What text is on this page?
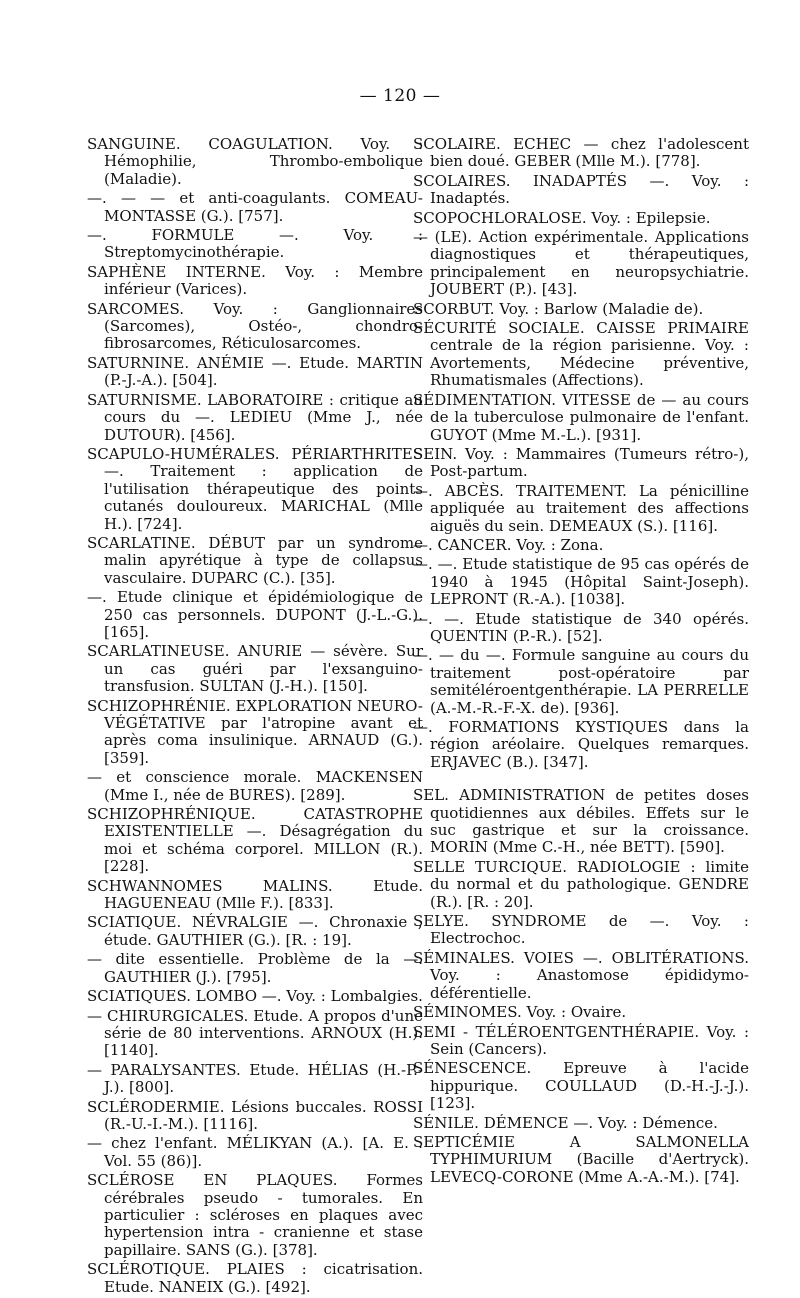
— 120 —

SANGUINE. COAGULATION. Voy. : Hémophilie, Thrombo-embolique (Maladie).

—. — — et anti-coagulants. COMEAU-MONTASSE (G.). [757].

—. FORMULE —. Voy. : Streptomycinothérapie.

SAPHÈNE INTERNE. Voy. : Membre inférieur (Varices).

SARCOMES. Voy. : Ganglionnaires (Sarcomes), Ostéo-, chondro- fibrosarcomes, Réticulosarcomes.

SATURNINE. ANÉMIE —. Etude. MARTIN (P.-J.-A.). [504].

SATURNISME. LABORATOIRE : critique au cours du —. LEDIEU (Mme J., née DUTOUR). [456].

SCAPULO-HUMÉRALES. PÉRIARTHRITES —. Traitement : application de l'utilisation thérapeutique des points cutanés douloureux. MARICHAL (Mlle H.). [724].

SCARLATINE. DÉBUT par un syndrome malin apyrétique à type de collapsus vasculaire. DUPARC (C.). [35].

—. Etude clinique et épidémiologique de 250 cas personnels. DUPONT (J.-L.-G.). [165].

SCARLATINEUSE. ANURIE — sévère. Sur un cas guéri par l'exsanguino-transfusion. SULTAN (J.-H.). [150].

SCHIZOPHRÉNIE. EXPLORATION NEURO-VÉGÉTATIVE par l'atropine avant et après coma insulinique. ARNAUD (G.). [359].

— et conscience morale. MACKENSEN (Mme I., née de BURES). [289].

SCHIZOPHRÉNIQUE. CATASTROPHE EXISTENTIELLE —. Désagrégation du moi et schéma corporel. MILLON (R.). [228].

SCHWANNOMES MALINS. Etude. HAGUENEAU (Mlle F.). [833].

SCIATIQUE. NÉVRALGIE —. Chronaxie ; étude. GAUTHIER (G.). [R. : 19].

— dite essentielle. Problème de la —. GAUTHIER (J.). [795].

SCIATIQUES. LOMBO —. Voy. : Lombalgies.

— CHIRURGICALES. Etude. A propos d'une série de 80 interventions. ARNOUX (H.). [1140].

— PARALYSANTES. Etude. HÉLIAS (H.-P.-J.). [800].

SCLÉRODERMIE. Lésions buccales. ROSSI (R.-U.-I.-M.). [1116].

— chez l'enfant. MÉLIKYAN (A.). [A. E. : Vol. 55 (86)].

SCLÉROSE EN PLAQUES. Formes cérébrales pseudo - tumorales. En particulier : scléroses en plaques avec hypertension intra - cranienne et stase papillaire. SANS (G.). [378].

SCLÉROTIQUE. PLAIES : cicatrisation. Etude. NANEIX (G.). [492].

SCOLAIRE. ECHEC — chez l'adolescent bien doué. GEBER (Mlle M.). [778].

SCOLAIRES. INADAPTÉS —. Voy. : Inadaptés.

SCOPOCHLORALOSE. Voy. : Epilepsie.

— (LE). Action expérimentale. Applications diagnostiques et thérapeutiques, principalement en neuropsychiatrie. JOUBERT (P.). [43].

SCORBUT. Voy. : Barlow (Maladie de).

SÉCURITÉ SOCIALE. CAISSE PRIMAIRE centrale de la région parisienne. Voy. : Avortements, Médecine préventive, Rhumatismales (Affections).

SÉDIMENTATION. VITESSE de — au cours de la tuberculose pulmonaire de l'enfant. GUYOT (Mme M.-L.). [931].

SEIN. Voy. : Mammaires (Tumeurs rétro-), Post-partum.

—. ABCÈS. TRAITEMENT. La pénicilline appliquée au traitement des affections aiguës du sein. DEMEAUX (S.). [116].

—. CANCER. Voy. : Zona.

—. —. Etude statistique de 95 cas opérés de 1940 à 1945 (Hôpital Saint-Joseph). LEPRONT (R.-A.). [1038].

—. —. Etude statistique de 340 opérés. QUENTIN (P.-R.). [52].

—. — du —. Formule sanguine au cours du traitement post-opératoire par semitéléroentgenthérapie. LA PERRELLE (A.-M.-R.-F.-X. de). [936].

—. FORMATIONS KYSTIQUES dans la région aréolaire. Quelques remarques. ERJAVEC (B.). [347].

SEL. ADMINISTRATION de petites doses quotidiennes aux débiles. Effets sur le suc gastrique et sur la croissance. MORIN (Mme C.-H., née BETT). [590].

SELLE TURCIQUE. RADIOLOGIE : limite du normal et du pathologique. GENDRE (R.). [R. : 20].

SELYE. SYNDROME de —. Voy. : Electrochoc.

SÉMINALES. VOIES —. OBLITÉRATIONS. Voy. : Anastomose épididymo-déférentielle.

SÉMINOMES. Voy. : Ovaire.

SEMI - TÉLÉROENTGENTHÉRAPIE. Voy. : Sein (Cancers).

SÉNESCENCE. Epreuve à l'acide hippurique. COULLAUD (D.-H.-J.-J.). [123].

SÉNILE. DÉMENCE —. Voy. : Démence.

SEPTICÉMIE A SALMONELLA TYPHIMURIUM (Bacille d'Aertryck). LEVECQ-CORONE (Mme A.-A.-M.). [74].
